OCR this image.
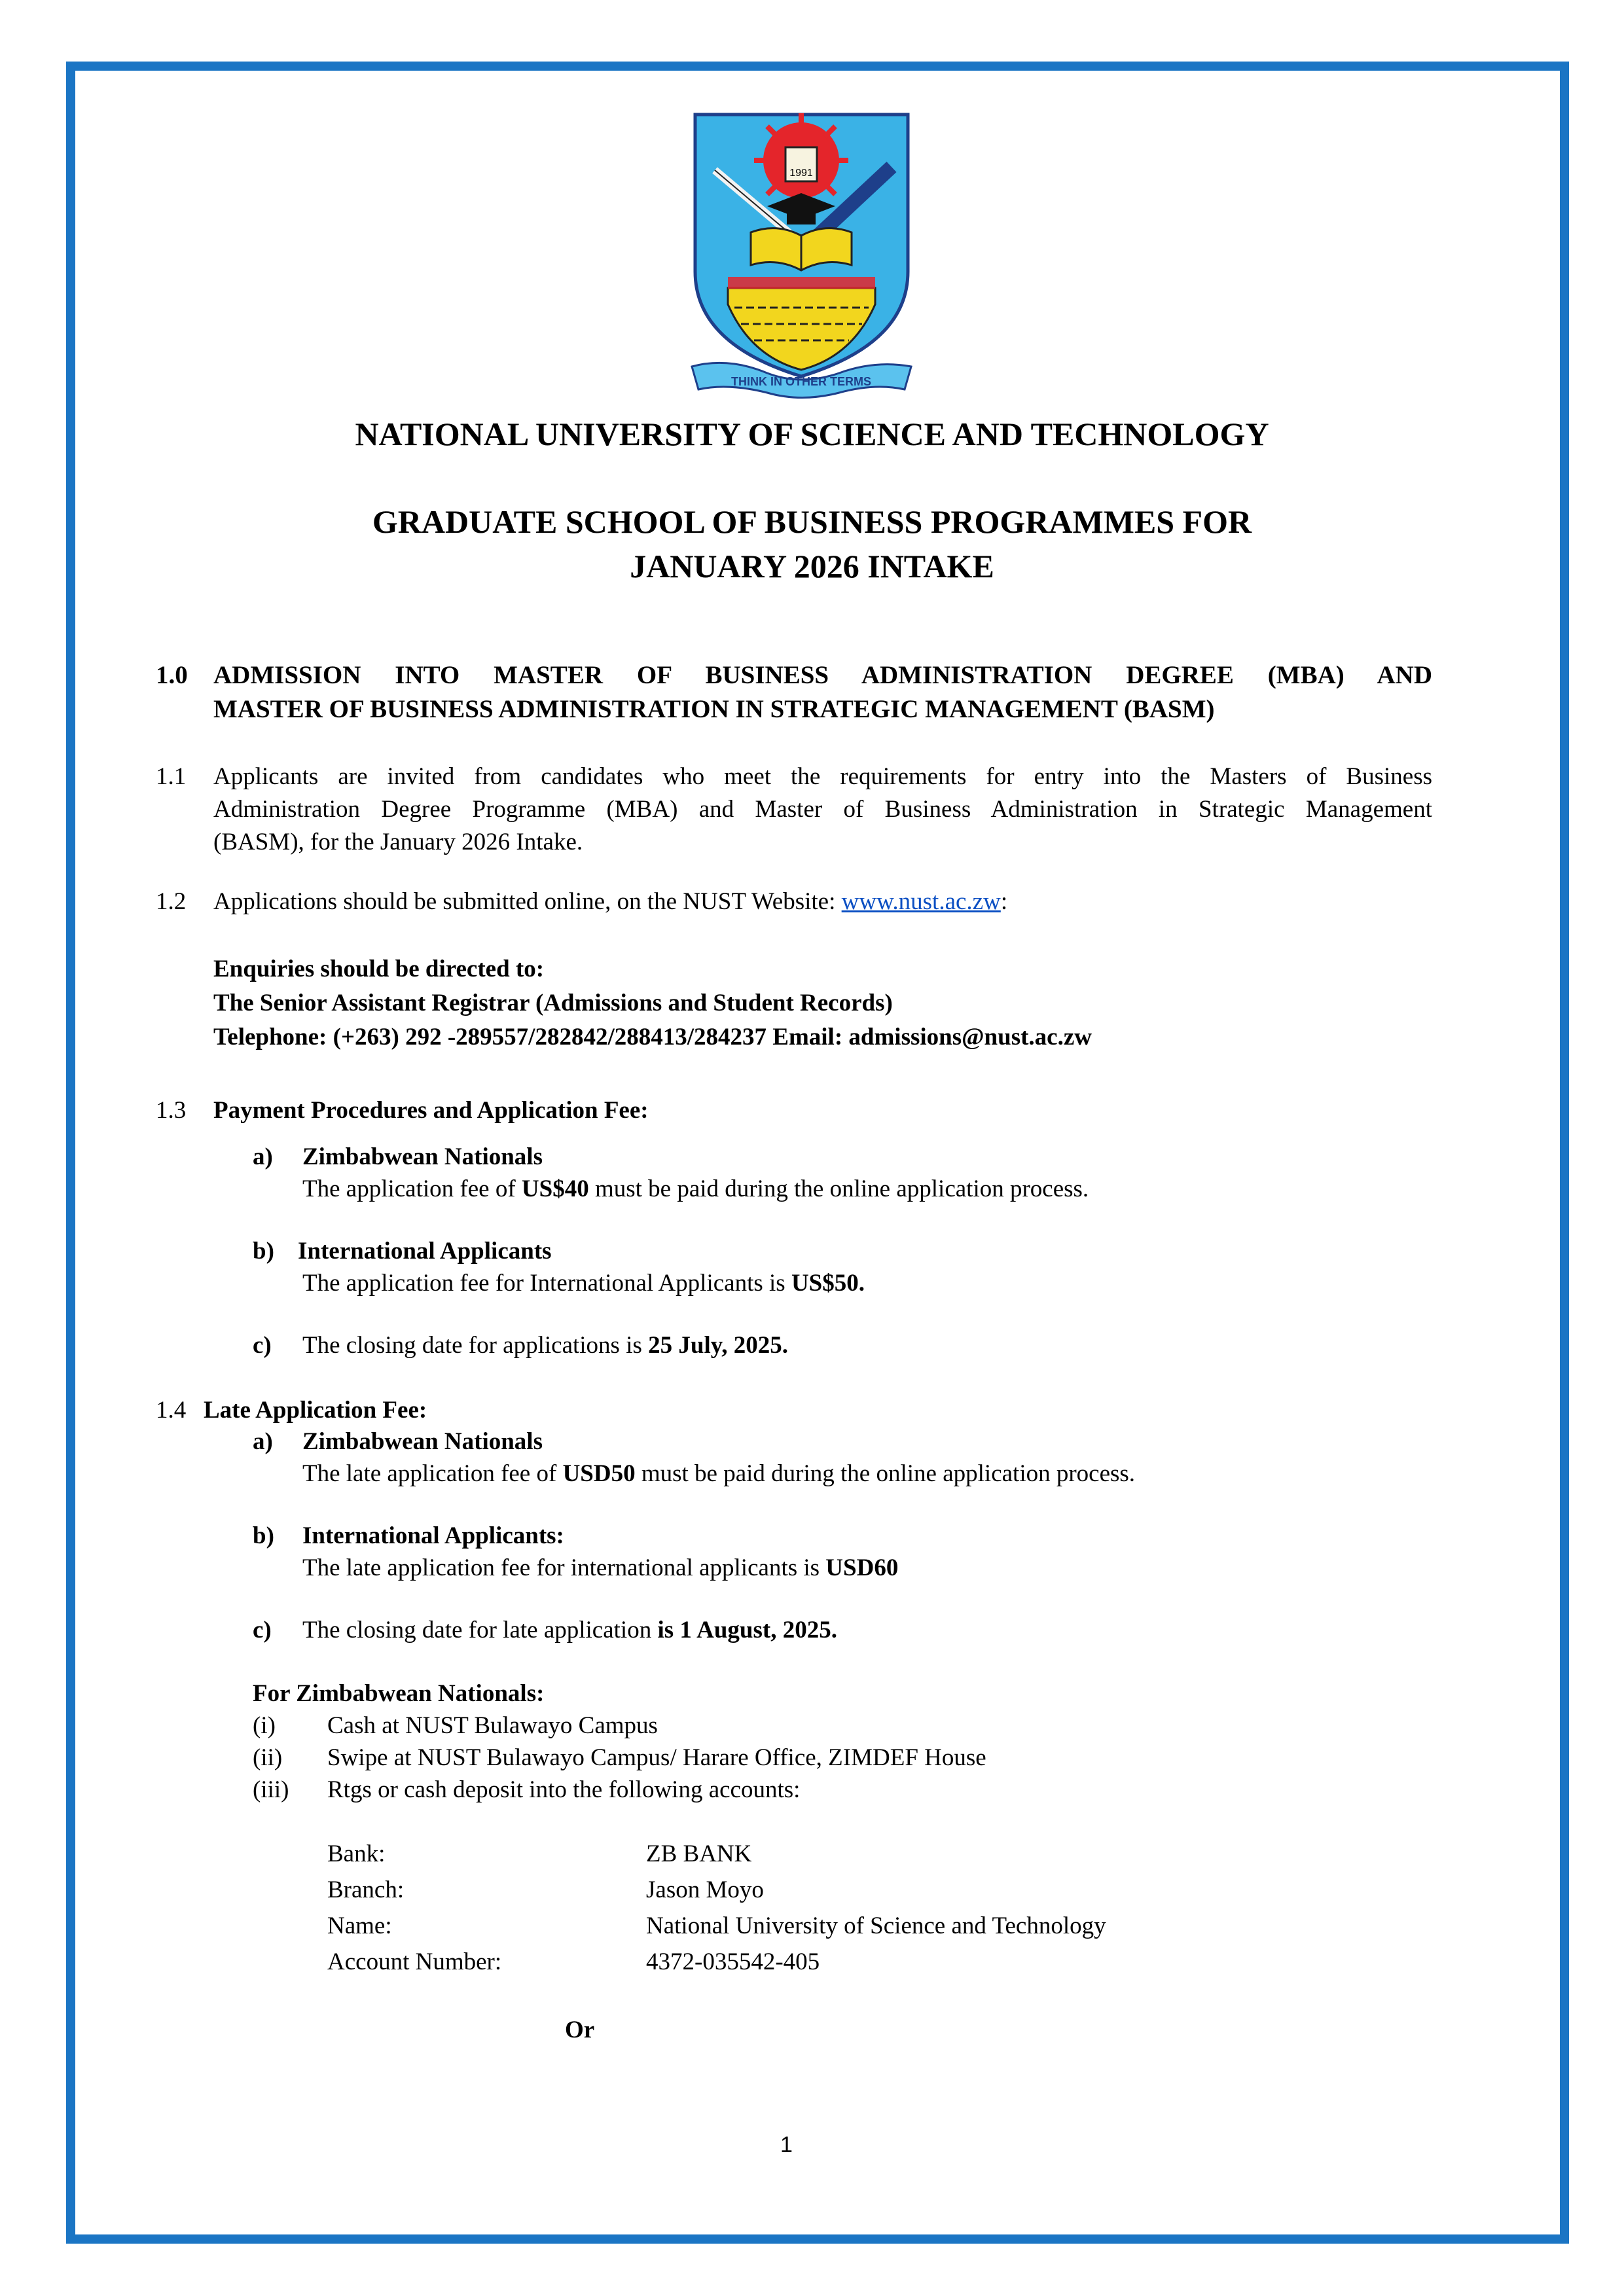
1991
THINK IN OTHER TERMS
NATIONAL UNIVERSITY OF SCIENCE AND TECHNOLOGY
GRADUATE SCHOOL OF BUSINESS PROGRAMMES FOR
JANUARY 2026 INTAKE
1.0 ADMISSION INTO MASTER OF BUSINESS ADMINISTRATION DEGREE (MBA) AND
MASTER OF BUSINESS ADMINISTRATION IN STRATEGIC MANAGEMENT (BASM)
1.1 Applicants are invited from candidates who meet the requirements for entry into the Masters of Business
Administration Degree Programme (MBA) and Master of Business Administration in Strategic Management
(BASM), for the January 2026 Intake.
1.2 Applications should be submitted online, on the NUST Website: www.nust.ac.zw:
Enquiries should be directed to:
The Senior Assistant Registrar (Admissions and Student Records)
Telephone: (+263) 292 -289557/282842/288413/284237 Email: admissions@nust.ac.zw
1.3 Payment Procedures and Application Fee:
a) Zimbabwean Nationals
The application fee of US$40 must be paid during the online application process.
b) International Applicants
The application fee for International Applicants is US$50.
c) The closing date for applications is 25 July, 2025.
1.4 Late Application Fee:
a) Zimbabwean Nationals
The late application fee of USD50 must be paid during the online application process.
b) International Applicants:
The late application fee for international applicants is USD60
c) The closing date for late application is 1 August, 2025.
For Zimbabwean Nationals:
(i) Cash at NUST Bulawayo Campus
(ii) Swipe at NUST Bulawayo Campus/ Harare Office, ZIMDEF House
(iii) Rtgs or cash deposit into the following accounts:
Bank:	ZB BANK
Branch:	Jason Moyo
Name:	National University of Science and Technology
Account Number:	4372-035542-405
Or
1
